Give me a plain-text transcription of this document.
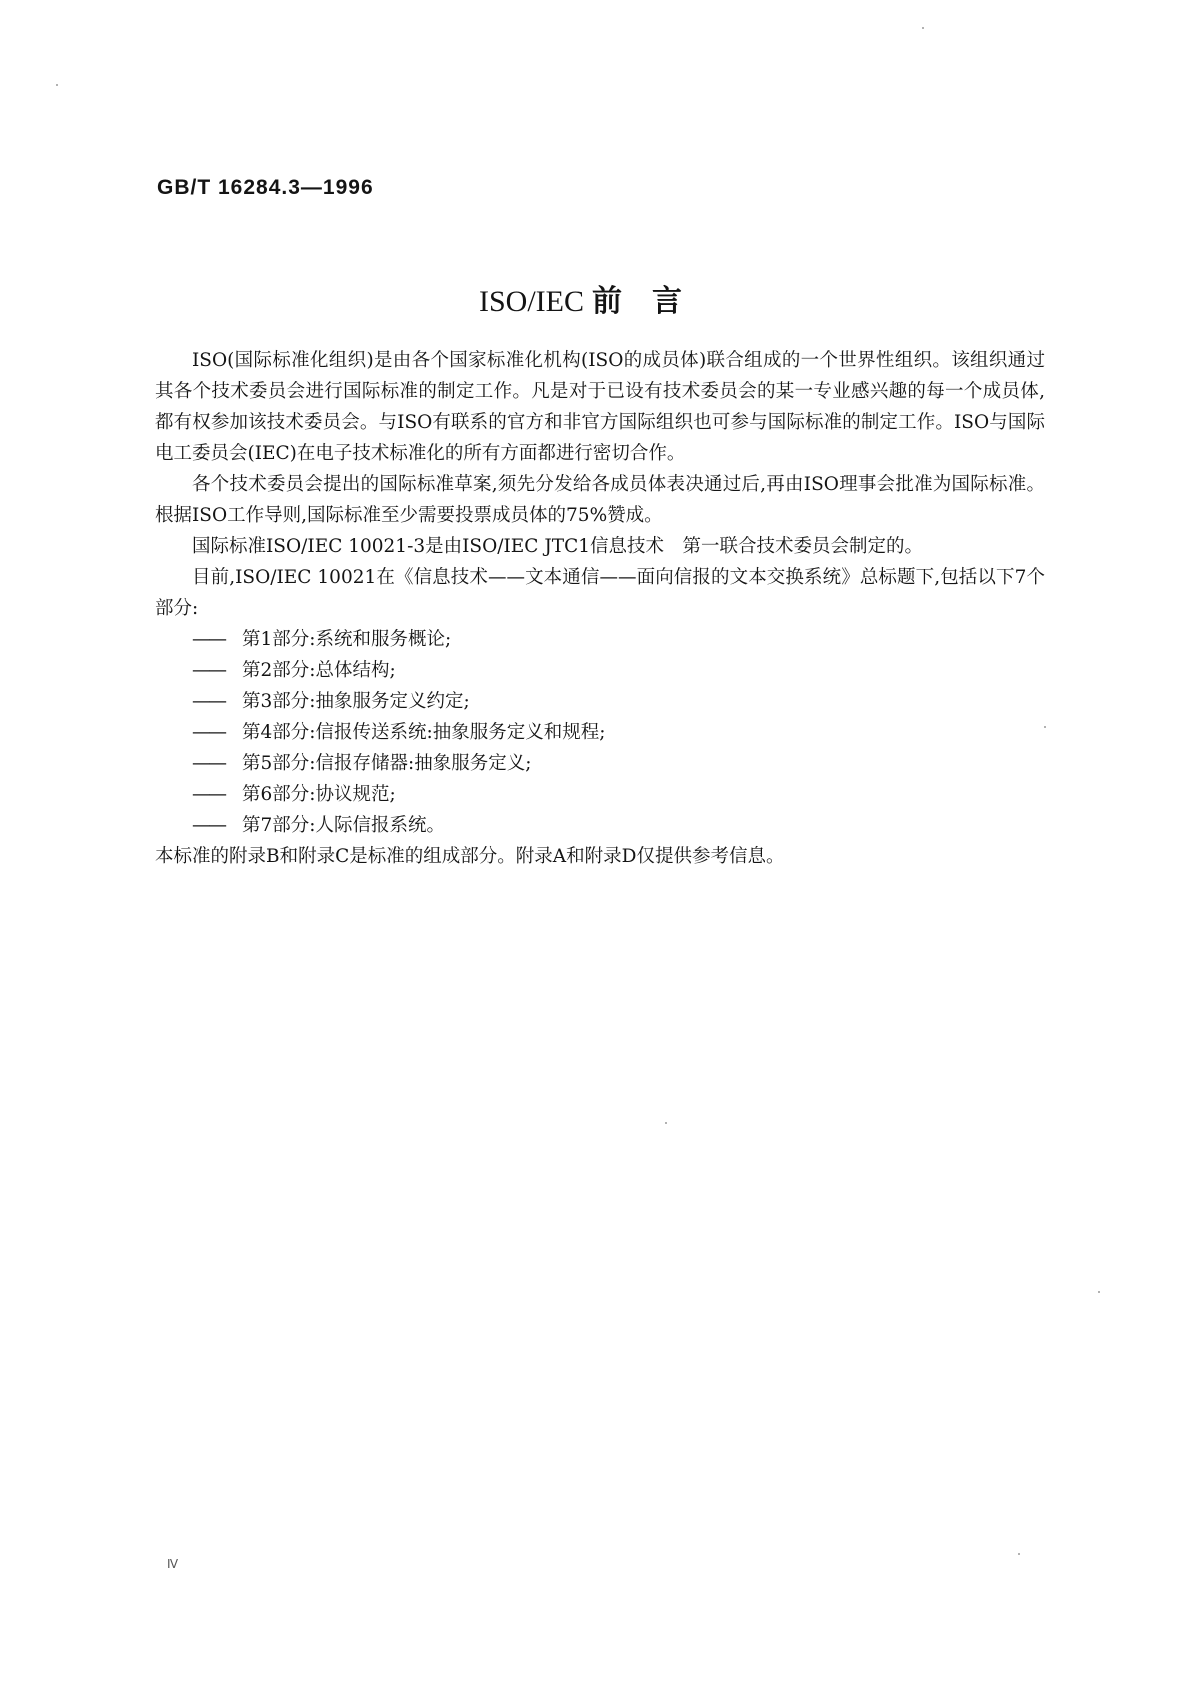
GB/T 16284.3—1996
ISO/IEC 前言

ISO(国际标准化组织)是由各个国家标准化机构(ISO的成员体)联合组成的一个世界性组织。该组织通过其各个技术委员会进行国际标准的制定工作。凡是对于已设有技术委员会的某一专业感兴趣的每一个成员体,都有权参加该技术委员会。与ISO有联系的官方和非官方国际组织也可参与国际标准的制定工作。ISO与国际电工委员会(IEC)在电子技术标准化的所有方面都进行密切合作。

各个技术委员会提出的国际标准草案,须先分发给各成员体表决通过后,再由ISO理事会批准为国际标准。根据ISO工作导则,国际标准至少需要投票成员体的75%赞成。

国际标准ISO/IEC 10021-3是由ISO/IEC JTC1信息技术　第一联合技术委员会制定的。

目前,ISO/IEC 10021在《信息技术——文本通信——面向信报的文本交换系统》总标题下,包括以下7个部分:

—— 第1部分:系统和服务概论;
—— 第2部分:总体结构;
—— 第3部分:抽象服务定义约定;
—— 第4部分:信报传送系统:抽象服务定义和规程;
—— 第5部分:信报存储器:抽象服务定义;
—— 第6部分:协议规范;
—— 第7部分:人际信报系统。

本标准的附录B和附录C是标准的组成部分。附录A和附录D仅提供参考信息。

Ⅳ
